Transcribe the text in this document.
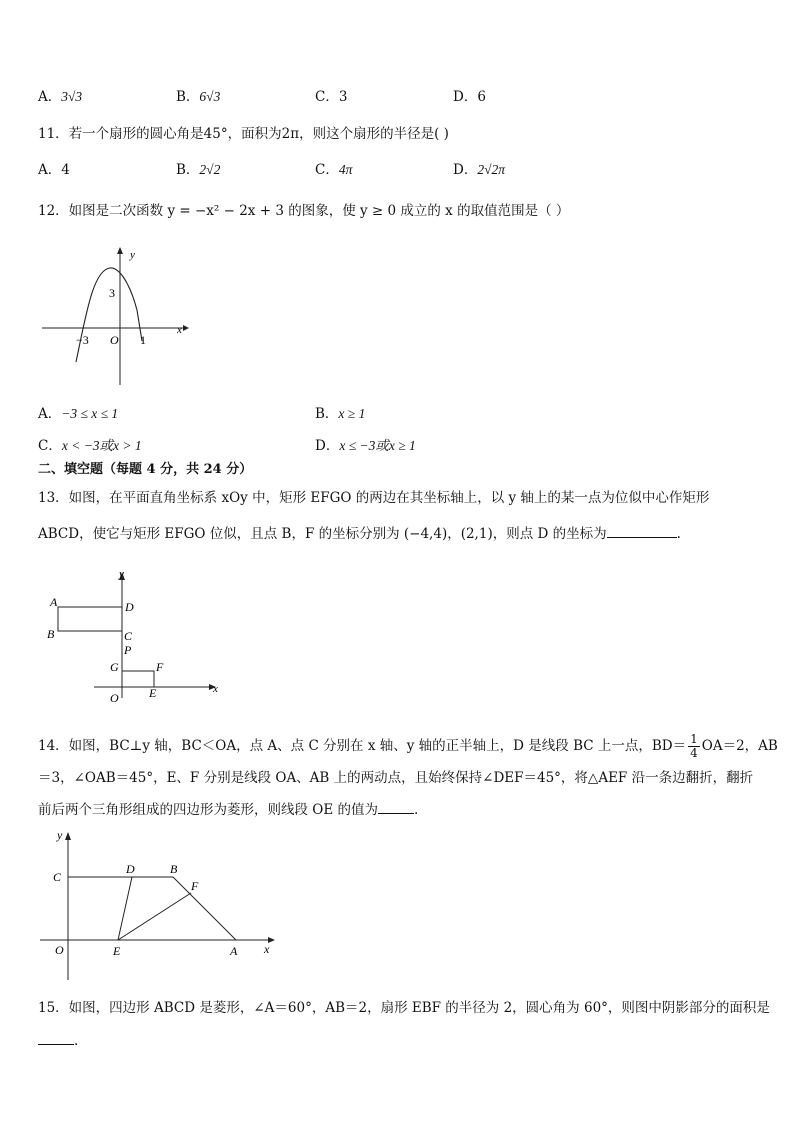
A．3√3	B．6√3	C．3	D．6
11．若一个扇形的圆心角是45°，面积为2π，则这个扇形的半径是( )
A．4	B．2√2	C．4π	D．2√2π
12．如图是二次函数 y = −x² − 2x + 3 的图象，使 y ≥ 0 成立的 x 的取值范围是（ ）
y
x
3
−3 O 1
A．−3 ≤ x ≤ 1	B．x ≥ 1
C．x < −3或x > 1	D．x ≤ −3或x ≥ 1
二、填空题（每题 4 分，共 24 分）
13．如图，在平面直角坐标系 xOy 中，矩形 EFGO 的两边在其坐标轴上，以 y 轴上的某一点为位似中心作矩形
ABCD，使它与矩形 EFGO 位似，且点 B，F 的坐标分别为 (−4,4)，(2,1)，则点 D 的坐标为	.
y
x
A
B
D
C
P
G	F
O	E
14．如图，BC⊥y 轴，BC＜OA，点 A、点 C 分别在 x 轴、y 轴的正半轴上，D 是线段 BC 上一点，$BD= \frac{1}{4} OA=2$，AB
＝3，∠OAB＝45°，E、F 分别是线段 OA、AB 上的两动点，且始终保持∠DEF＝45°，将△AEF 沿一条边翻折，翻折
前后两个三角形组成的四边形为菱形，则线段 OE 的值为	.
y
x
C
D	B
F
O	E	A
15．如图，四边形 ABCD 是菱形，∠A＝60°，AB＝2，扇形 EBF 的半径为 2，圆心角为 60°，则图中阴影部分的面积是
.
